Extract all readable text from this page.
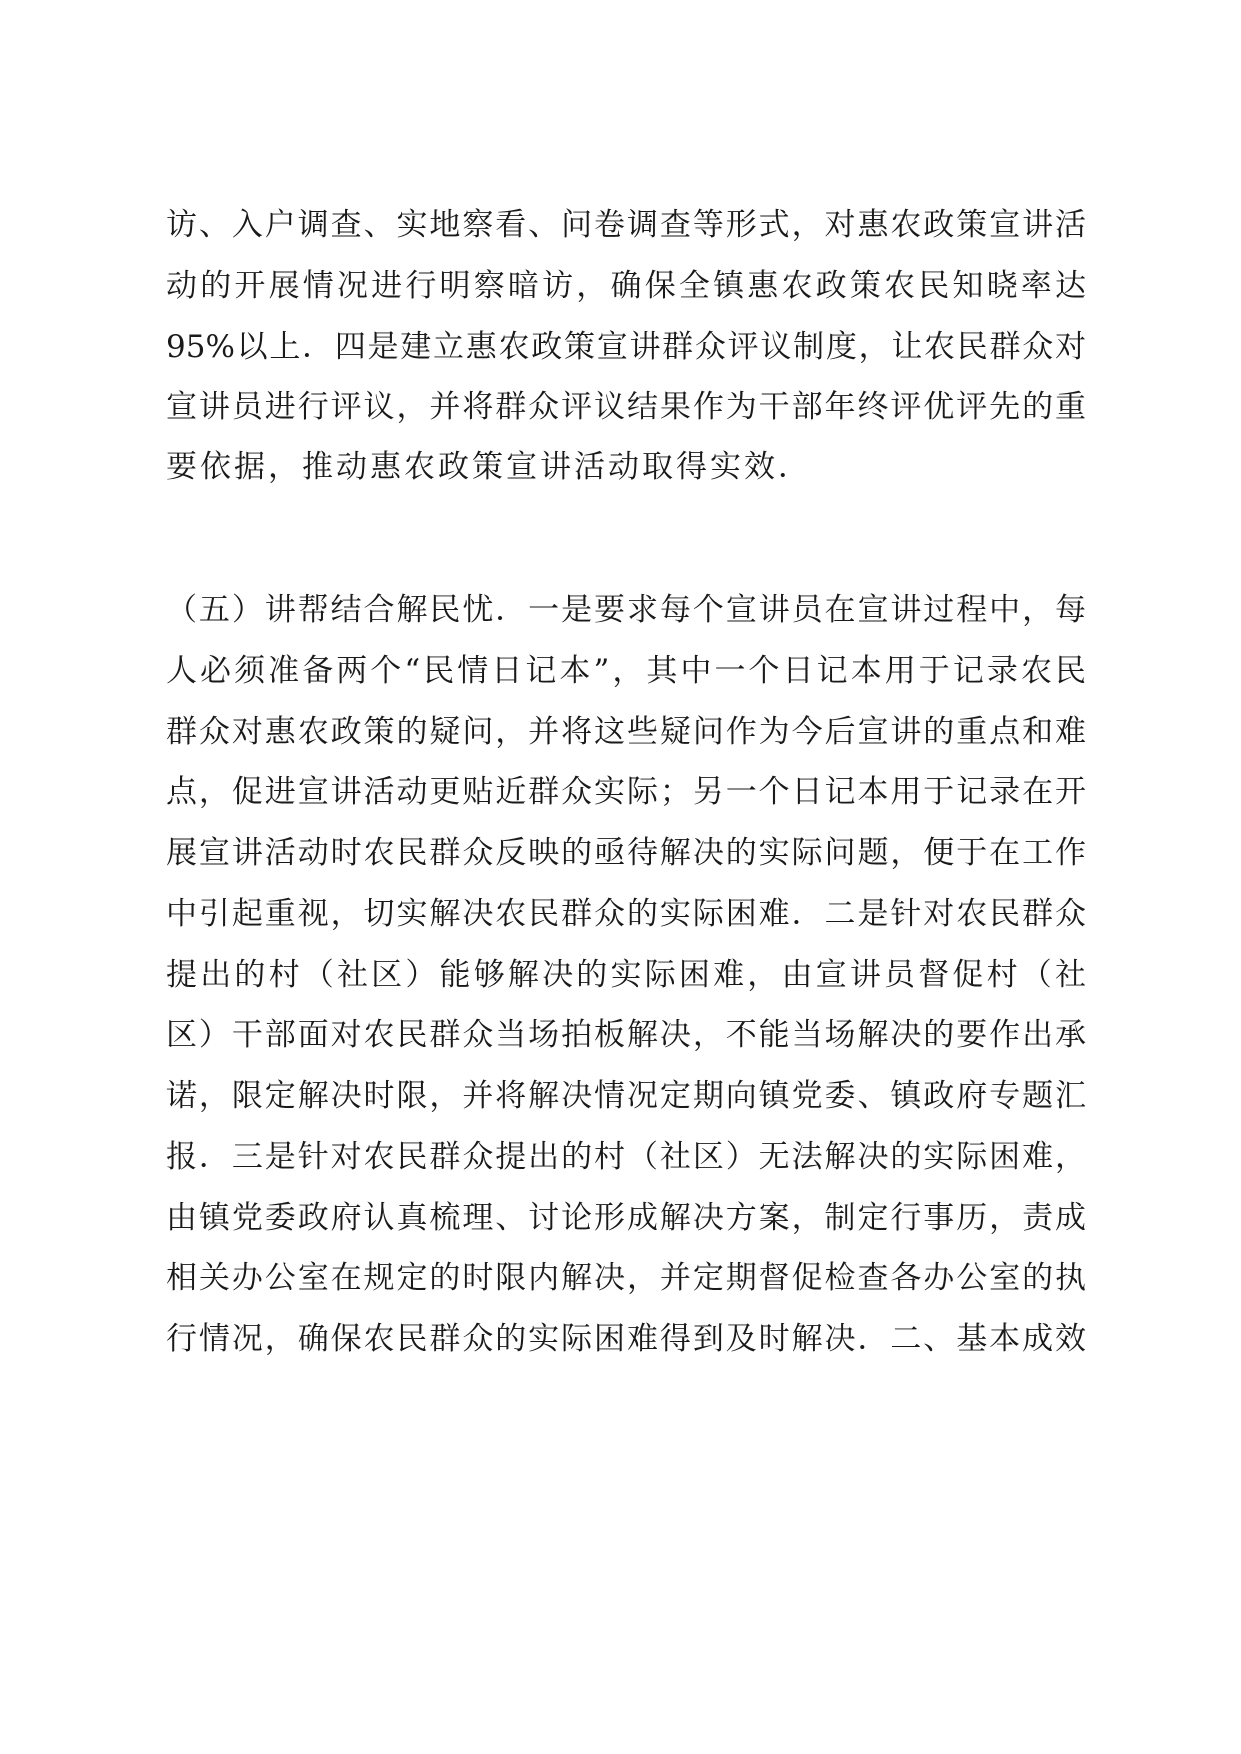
访、入户调查、实地察看、问卷调查等形式，对惠农政策宣讲活
动的开展情况进行明察暗访，确保全镇惠农政策农民知晓率达
95%以上．四是建立惠农政策宣讲群众评议制度，让农民群众对
宣讲员进行评议，并将群众评议结果作为干部年终评优评先的重
要依据，推动惠农政策宣讲活动取得实效．
（五）讲帮结合解民忧．一是要求每个宣讲员在宣讲过程中，每
人必须准备两个“民情日记本”，其中一个日记本用于记录农民
群众对惠农政策的疑问，并将这些疑问作为今后宣讲的重点和难
点，促进宣讲活动更贴近群众实际；另一个日记本用于记录在开
展宣讲活动时农民群众反映的亟待解决的实际问题，便于在工作
中引起重视，切实解决农民群众的实际困难．二是针对农民群众
提出的村（社区）能够解决的实际困难，由宣讲员督促村（社
区）干部面对农民群众当场拍板解决，不能当场解决的要作出承
诺，限定解决时限，并将解决情况定期向镇党委、镇政府专题汇
报．三是针对农民群众提出的村（社区）无法解决的实际困难，
由镇党委政府认真梳理、讨论形成解决方案，制定行事历，责成
相关办公室在规定的时限内解决，并定期督促检查各办公室的执
行情况，确保农民群众的实际困难得到及时解决．二、基本成效
